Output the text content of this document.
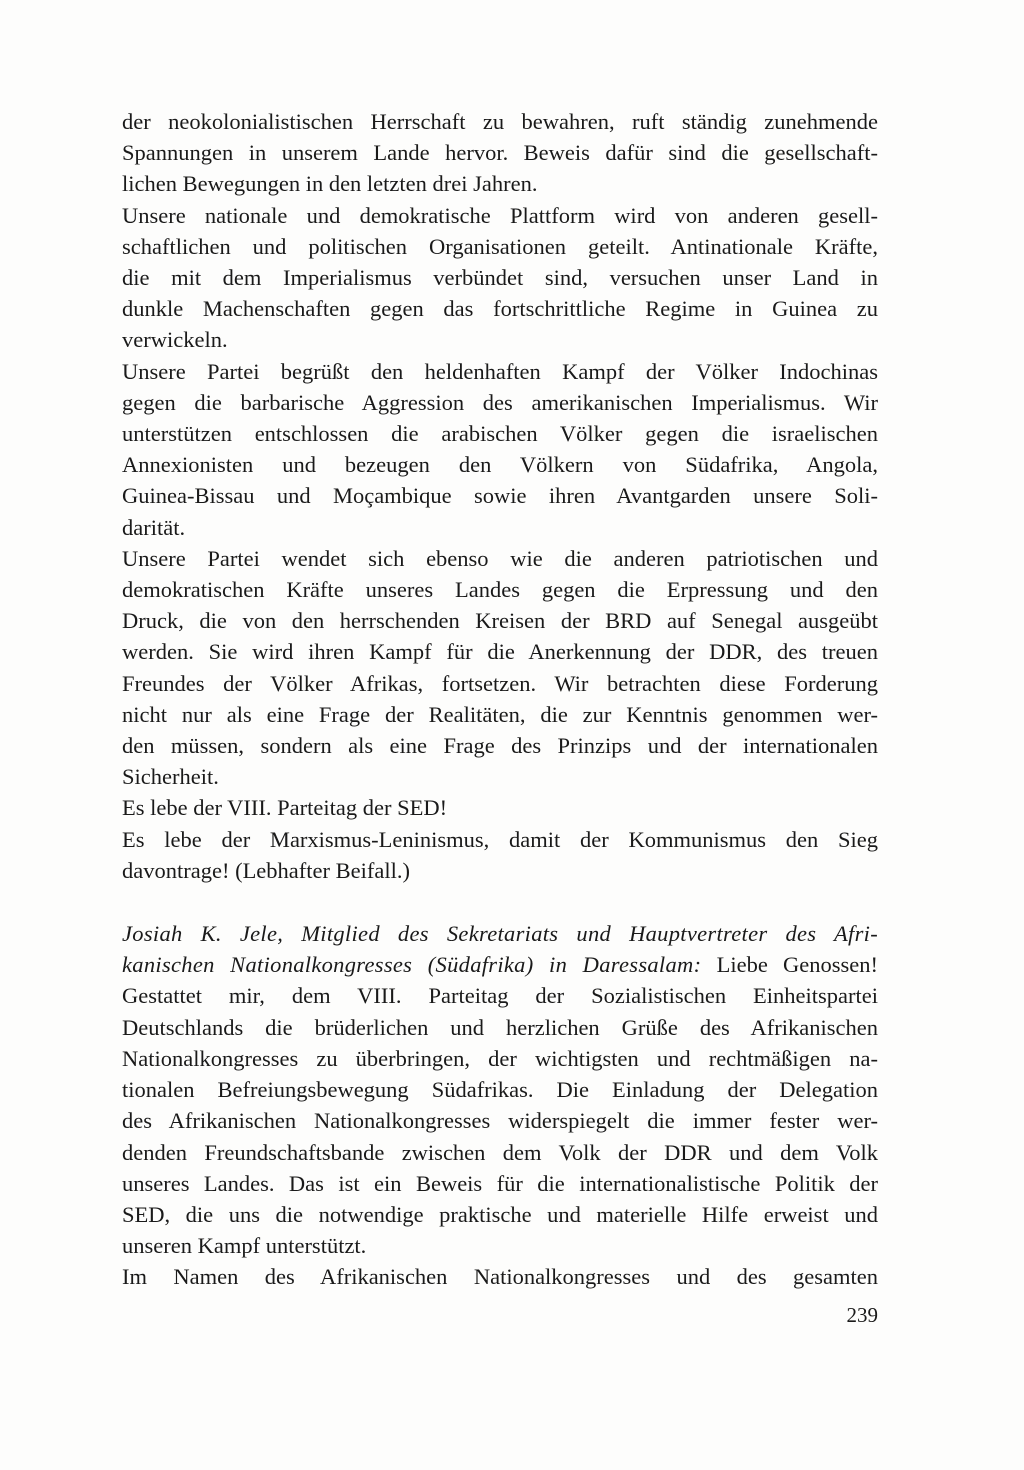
der neokolonialistischen Herrschaft zu bewahren, ruft ständig zunehmende
Spannungen in unserem Lande hervor. Beweis dafür sind die gesellschaft-
lichen Bewegungen in den letzten drei Jahren.

Unsere nationale und demokratische Plattform wird von anderen gesell-
schaftlichen und politischen Organisationen geteilt. Antinationale Kräfte,
die mit dem Imperialismus verbündet sind, versuchen unser Land in
dunkle Machenschaften gegen das fortschrittliche Regime in Guinea zu
verwickeln.

Unsere Partei begrüßt den heldenhaften Kampf der Völker Indochinas
gegen die barbarische Aggression des amerikanischen Imperialismus. Wir
unterstützen entschlossen die arabischen Völker gegen die israelischen
Annexionisten und bezeugen den Völkern von Südafrika, Angola,
Guinea-Bissau und Moçambique sowie ihren Avantgarden unsere Soli-
darität.

Unsere Partei wendet sich ebenso wie die anderen patriotischen und
demokratischen Kräfte unseres Landes gegen die Erpressung und den
Druck, die von den herrschenden Kreisen der BRD auf Senegal ausgeübt
werden. Sie wird ihren Kampf für die Anerkennung der DDR, des treuen
Freundes der Völker Afrikas, fortsetzen. Wir betrachten diese Forderung
nicht nur als eine Frage der Realitäten, die zur Kenntnis genommen wer-
den müssen, sondern als eine Frage des Prinzips und der internationalen
Sicherheit.

Es lebe der VIII. Parteitag der SED!

Es lebe der Marxismus-Leninismus, damit der Kommunismus den Sieg
davontrage! (Lebhafter Beifall.)

Josiah K. Jele, Mitglied des Sekretariats und Hauptvertreter des Afri-
kanischen Nationalkongresses (Südafrika) in Daressalam: Liebe Genossen!
Gestattet mir, dem VIII. Parteitag der Sozialistischen Einheitspartei
Deutschlands die brüderlichen und herzlichen Grüße des Afrikanischen
Nationalkongresses zu überbringen, der wichtigsten und rechtmäßigen na-
tionalen Befreiungsbewegung Südafrikas. Die Einladung der Delegation
des Afrikanischen Nationalkongresses widerspiegelt die immer fester wer-
denden Freundschaftsbande zwischen dem Volk der DDR und dem Volk
unseres Landes. Das ist ein Beweis für die internationalistische Politik der
SED, die uns die notwendige praktische und materielle Hilfe erweist und
unseren Kampf unterstützt.

Im Namen des Afrikanischen Nationalkongresses und des gesamten

239
